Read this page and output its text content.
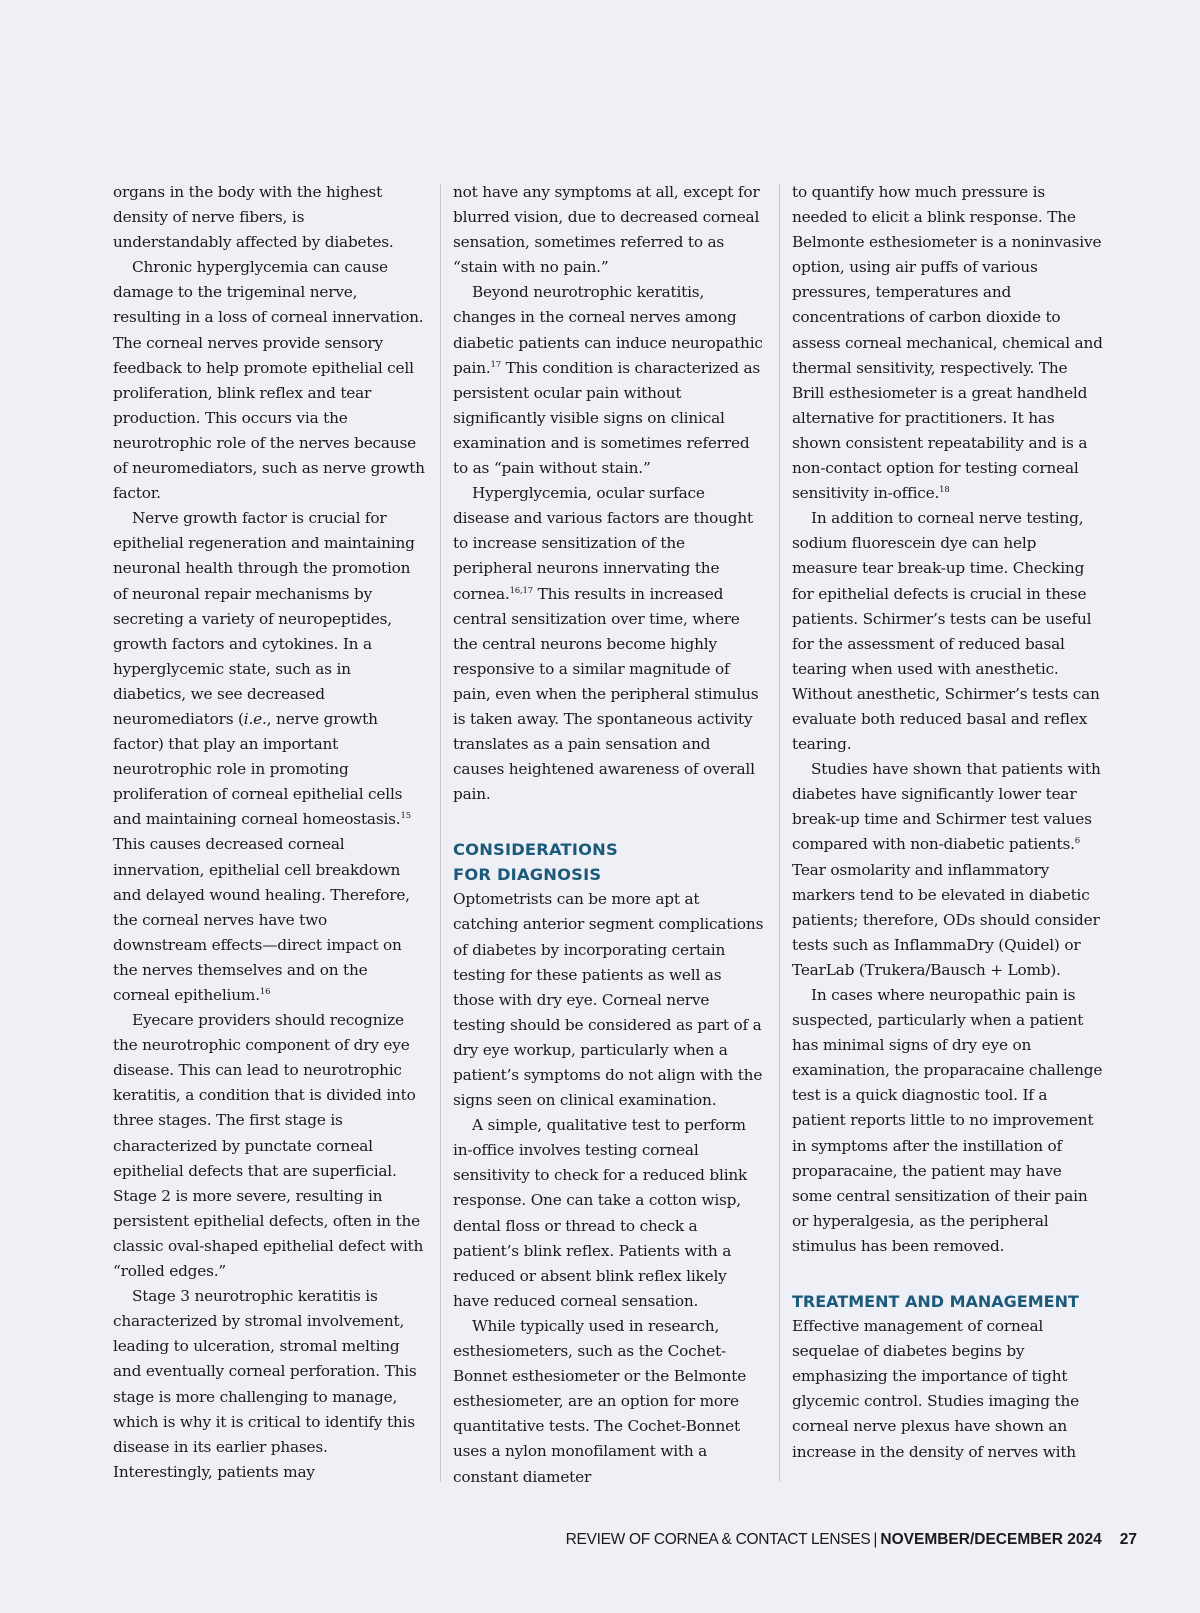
organs in the body with the highest density of nerve fibers, is understandably affected by diabetes.

Chronic hyperglycemia can cause damage to the trigeminal nerve, resulting in a loss of corneal innervation. The corneal nerves provide sensory feedback to help promote epithelial cell proliferation, blink reflex and tear production. This occurs via the neurotrophic role of the nerves because of neuromediators, such as nerve growth factor.

Nerve growth factor is crucial for epithelial regeneration and maintaining neuronal health through the promotion of neuronal repair mechanisms by secreting a variety of neuropeptides, growth factors and cytokines. In a hyperglycemic state, such as in diabetics, we see decreased neuromediators (i.e., nerve growth factor) that play an important neurotrophic role in promoting proliferation of corneal epithelial cells and maintaining corneal homeostasis.$^{15}$ This causes decreased corneal innervation, epithelial cell breakdown and delayed wound healing. Therefore, the corneal nerves have two downstream effects—direct impact on the nerves themselves and on the corneal epithelium.$^{16}$

Eyecare providers should recognize the neurotrophic component of dry eye disease. This can lead to neurotrophic keratitis, a condition that is divided into three stages. The first stage is characterized by punctate corneal epithelial defects that are superficial. Stage 2 is more severe, resulting in persistent epithelial defects, often in the classic oval-shaped epithelial defect with “rolled edges.”

Stage 3 neurotrophic keratitis is characterized by stromal involvement, leading to ulceration, stromal melting and eventually corneal perforation. This stage is more challenging to manage, which is why it is critical to identify this disease in its earlier phases. Interestingly, patients may

not have any symptoms at all, except for blurred vision, due to decreased corneal sensation, sometimes referred to as “stain with no pain.”

Beyond neurotrophic keratitis, changes in the corneal nerves among diabetic patients can induce neuropathic pain.$^{17}$ This condition is characterized as persistent ocular pain without significantly visible signs on clinical examination and is sometimes referred to as “pain without stain.”

Hyperglycemia, ocular surface disease and various factors are thought to increase sensitization of the peripheral neurons innervating the cornea.$^{16,17}$ This results in increased central sensitization over time, where the central neurons become highly responsive to a similar magnitude of pain, even when the peripheral stimulus is taken away. The spontaneous activity translates as a pain sensation and causes heightened awareness of overall pain.

CONSIDERATIONS
FOR DIAGNOSIS

Optometrists can be more apt at catching anterior segment complications of diabetes by incorporating certain testing for these patients as well as those with dry eye. Corneal nerve testing should be considered as part of a dry eye workup, particularly when a patient’s symptoms do not align with the signs seen on clinical examination.

A simple, qualitative test to perform in-office involves testing corneal sensitivity to check for a reduced blink response. One can take a cotton wisp, dental floss or thread to check a patient’s blink reflex. Patients with a reduced or absent blink reflex likely have reduced corneal sensation.

While typically used in research, esthesiometers, such as the Cochet-Bonnet esthesiometer or the Belmonte esthesiometer, are an option for more quantitative tests. The Cochet-Bonnet uses a nylon monofilament with a constant diameter

to quantify how much pressure is needed to elicit a blink response. The Belmonte esthesiometer is a noninvasive option, using air puffs of various pressures, temperatures and concentrations of carbon dioxide to assess corneal mechanical, chemical and thermal sensitivity, respectively. The Brill esthesiometer is a great handheld alternative for practitioners. It has shown consistent repeatability and is a non-contact option for testing corneal sensitivity in-office.$^{18}$

In addition to corneal nerve testing, sodium fluorescein dye can help measure tear break-up time. Checking for epithelial defects is crucial in these patients. Schirmer’s tests can be useful for the assessment of reduced basal tearing when used with anesthetic. Without anesthetic, Schirmer’s tests can evaluate both reduced basal and reflex tearing.

Studies have shown that patients with diabetes have significantly lower tear break-up time and Schirmer test values compared with non-diabetic patients.$^6$ Tear osmolarity and inflammatory markers tend to be elevated in diabetic patients; therefore, ODs should consider tests such as InflammaDry (Quidel) or TearLab (Trukera/Bausch + Lomb).

In cases where neuropathic pain is suspected, particularly when a patient has minimal signs of dry eye on examination, the proparacaine challenge test is a quick diagnostic tool. If a patient reports little to no improvement in symptoms after the instillation of proparacaine, the patient may have some central sensitization of their pain or hyperalgesia, as the peripheral stimulus has been removed.

TREATMENT AND MANAGEMENT

Effective management of corneal sequelae of diabetes begins by emphasizing the importance of tight glycemic control. Studies imaging the corneal nerve plexus have shown an increase in the density of nerves with

REVIEW OF CORNEA & CONTACT LENSES | NOVEMBER/DECEMBER 2024 27
